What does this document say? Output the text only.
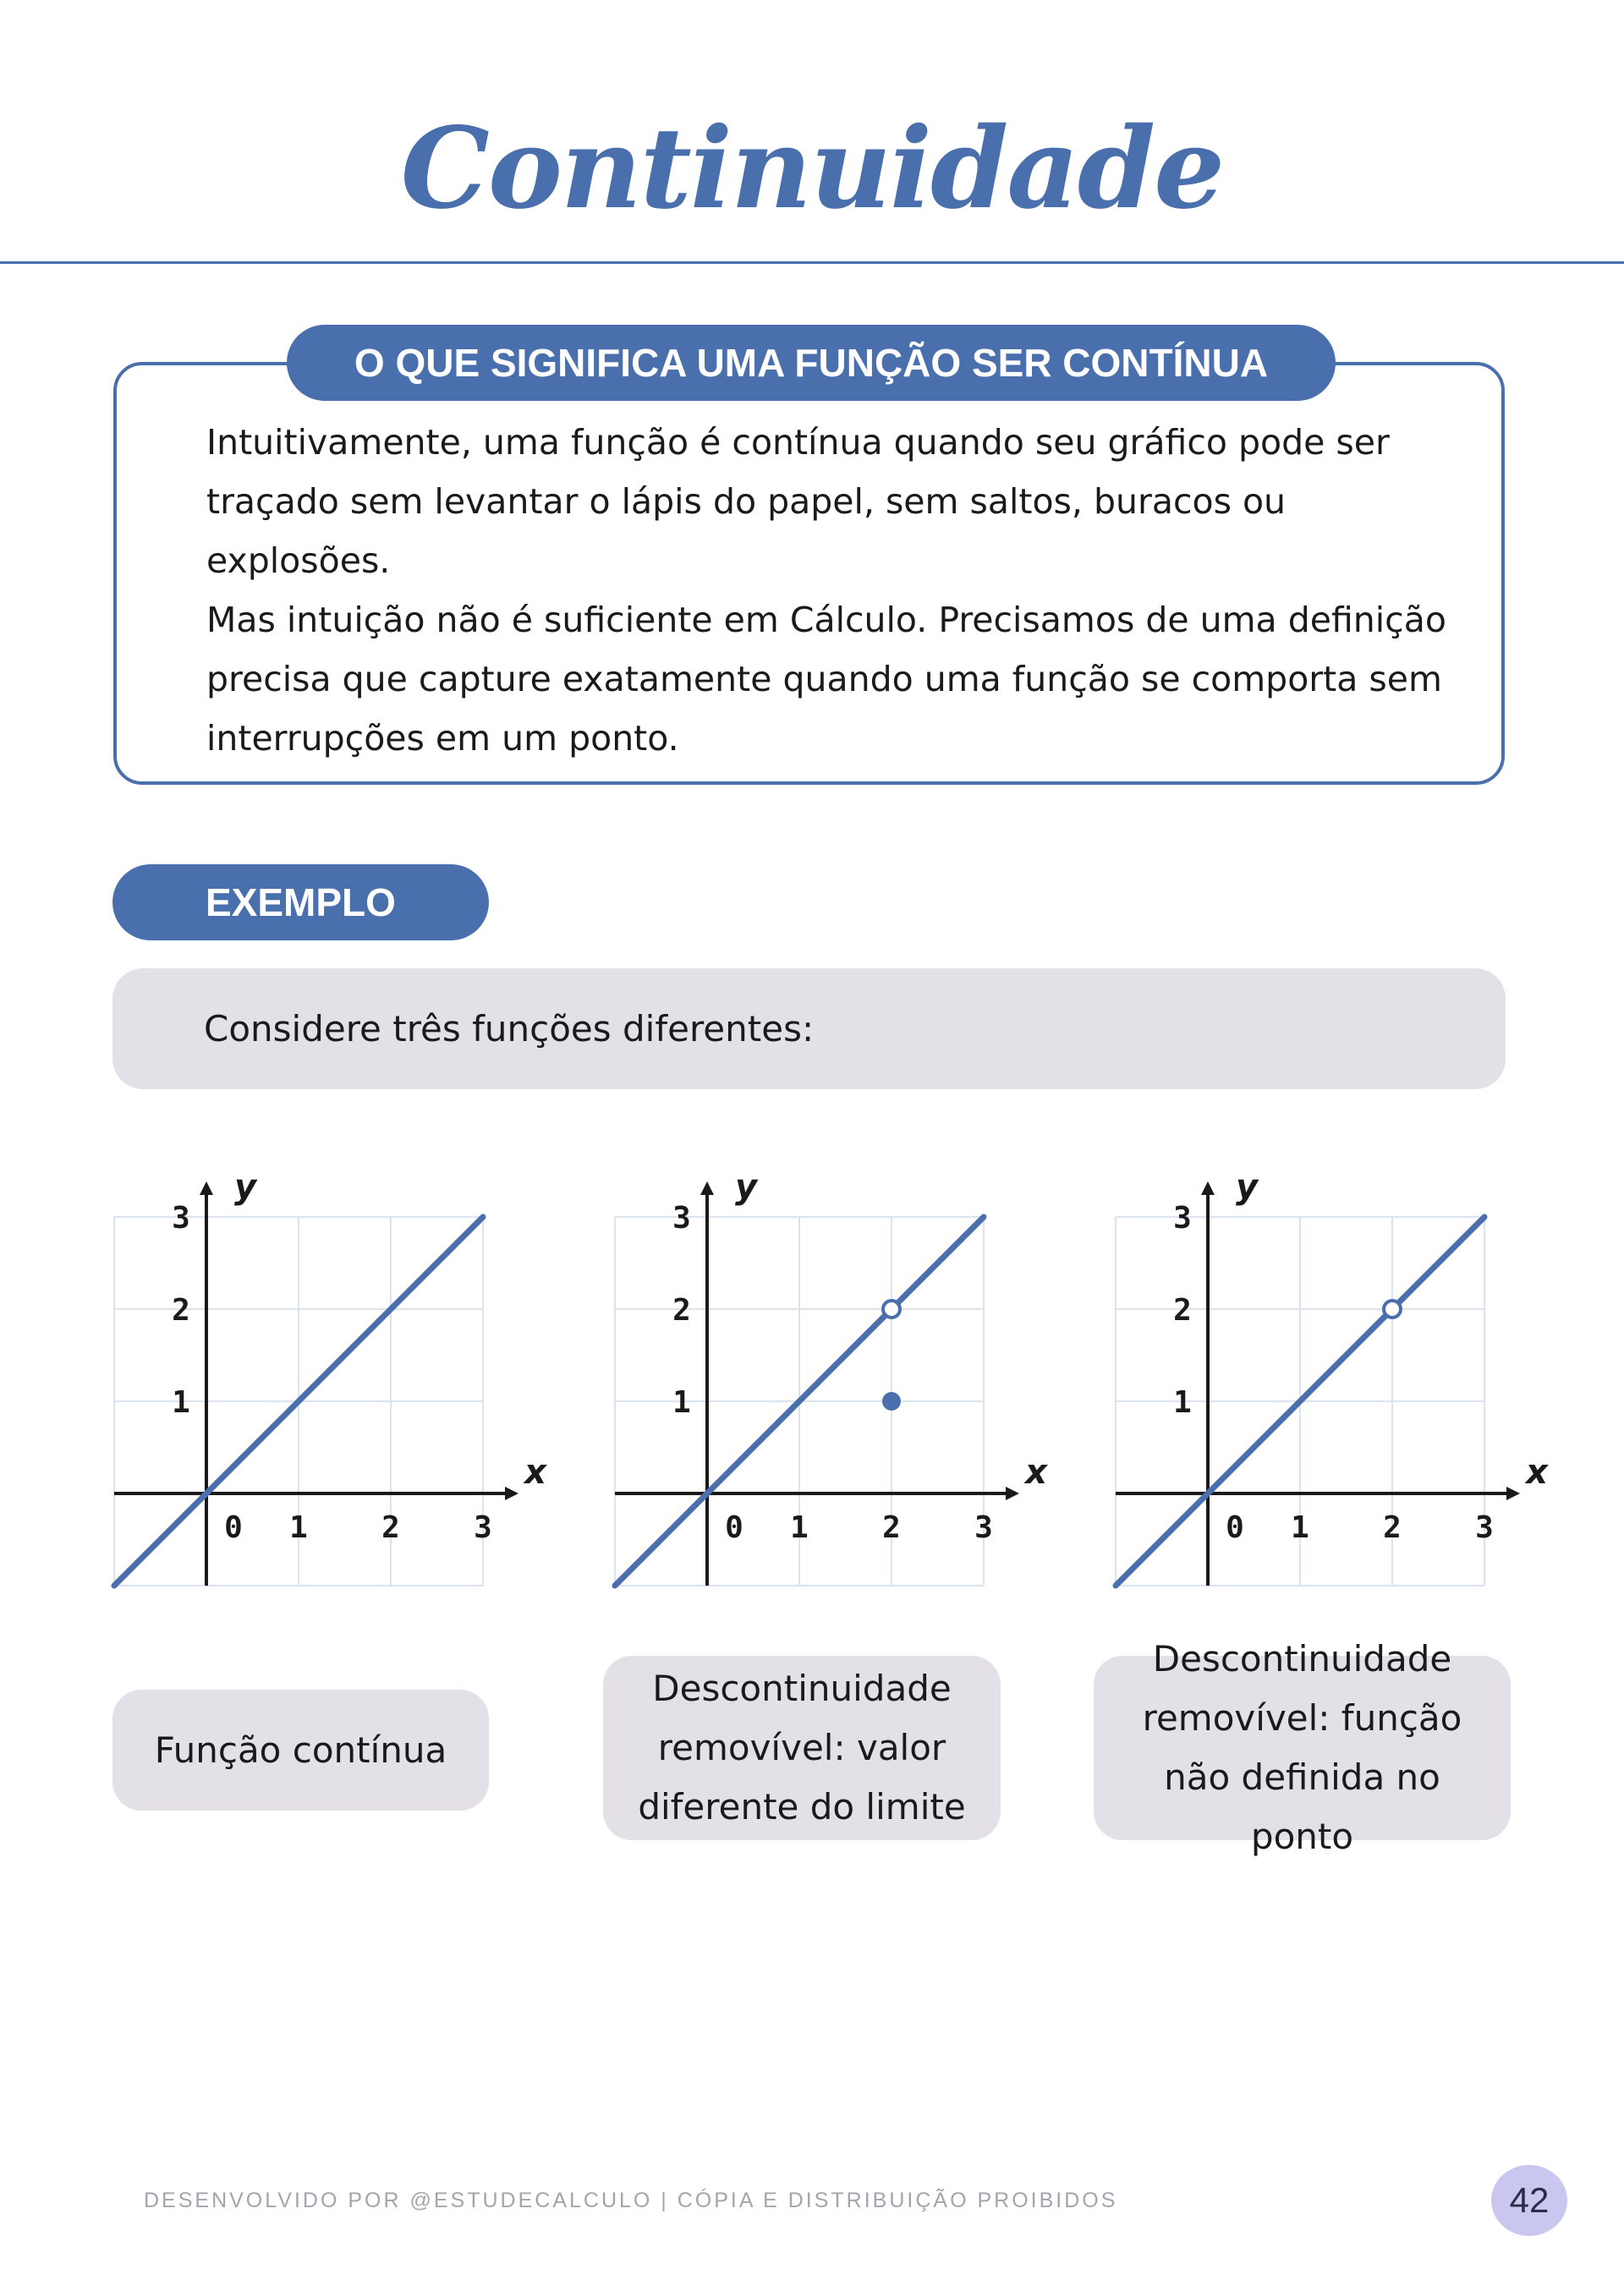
Continuidade
O QUE SIGNIFICA UMA FUNÇÃO SER CONTÍNUA

Intuitivamente, uma função é contínua quando seu gráfico pode ser traçado sem levantar o lápis do papel, sem saltos, buracos ou explosões.

Mas intuição não é suficiente em Cálculo. Precisamos de uma definição precisa que capture exatamente quando uma função se comporta sem interrupções em um ponto.

EXEMPLO
Considere três funções diferentes:
x
y
0 1 2 3
1
2
3
x
y
0 1 2 3
1
2
3
x
y
0 1 2 3
1
2
3
Função contínua
Descontinuidade removível: valor diferente do limite
Descontinuidade removível: função não definida no ponto
DESENVOLVIDO POR @ESTUDECALCULO | CÓPIA E DISTRIBUIÇÃO PROIBIDOS	42
